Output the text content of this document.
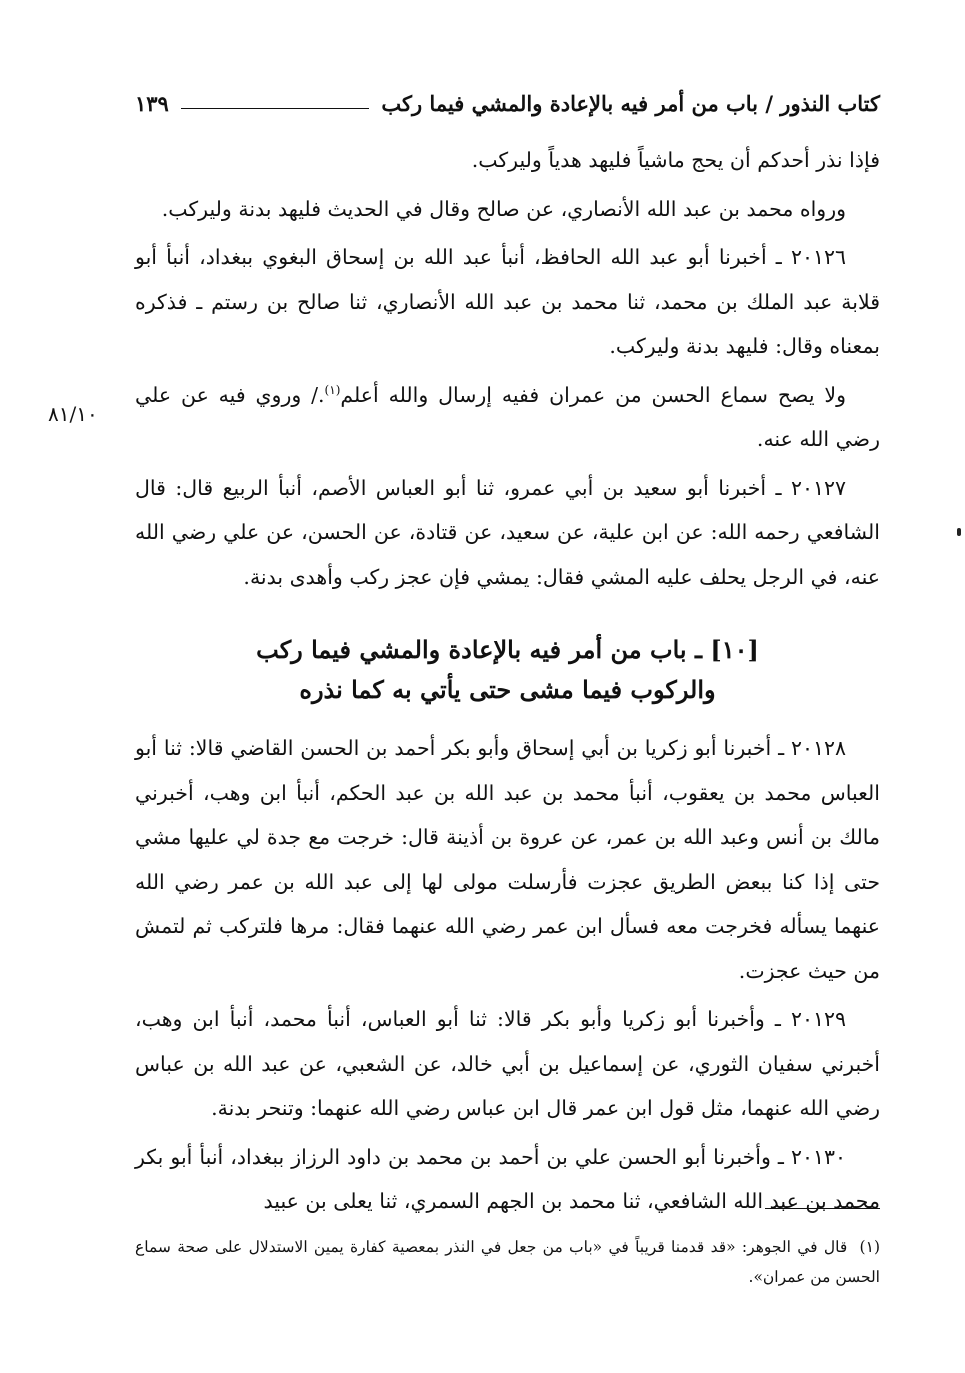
كتاب النذور / باب من أمر فيه بالإعادة والمشي فيما ركب
١٣٩

فإذا نذر أحدكم أن يحج ماشياً فليهد هدياً وليركب.

ورواه محمد بن عبد الله الأنصاري، عن صالح وقال في الحديث فليهد بدنة وليركب.

٢٠١٢٦ ـ أخبرنا أبو عبد الله الحافظ، أنبأ عبد الله بن إسحاق البغوي ببغداد، أنبأ أبو قلابة عبد الملك بن محمد، ثنا محمد بن عبد الله الأنصاري، ثنا صالح بن رستم ـ فذكره بمعناه وقال: فليهد بدنة وليركب.

ولا يصح سماع الحسن من عمران ففيه إرسال والله أعلم$^{(١)}$./ وروي فيه عن علي رضي الله عنه.

٢٠١٢٧ ـ أخبرنا أبو سعيد بن أبي عمرو، ثنا أبو العباس الأصم، أنبأ الربيع قال: قال الشافعي رحمه الله: عن ابن علية، عن سعيد، عن قتادة، عن الحسن، عن علي رضي الله عنه، في الرجل يحلف عليه المشي فقال: يمشي فإن عجز ركب وأهدى بدنة.

٨١/١٠
[١٠] ـ باب من أمر فيه بالإعادة والمشي فيما ركب
والركوب فيما مشى حتى يأتي به كما نذره

٢٠١٢٨ ـ أخبرنا أبو زكريا بن أبي إسحاق وأبو بكر أحمد بن الحسن القاضي قالا: ثنا أبو العباس محمد بن يعقوب، أنبأ محمد بن عبد الله بن عبد الحكم، أنبأ ابن وهب، أخبرني مالك بن أنس وعبد الله بن عمر، عن عروة بن أذينة قال: خرجت مع جدة لي عليها مشي حتى إذا كنا ببعض الطريق عجزت فأرسلت مولى لها إلى عبد الله بن عمر رضي الله عنهما يسأله فخرجت معه فسأل ابن عمر رضي الله عنهما فقال: مرها فلتركب ثم لتمش من حيث عجزت.

٢٠١٢٩ ـ وأخبرنا أبو زكريا وأبو بكر قالا: ثنا أبو العباس، أنبأ محمد، أنبأ ابن وهب، أخبرني سفيان الثوري، عن إسماعيل بن أبي خالد، عن الشعبي، عن عبد الله بن عباس رضي الله عنهما، مثل قول ابن عمر قال ابن عباس رضي الله عنهما: وتنحر بدنة.

٢٠١٣٠ ـ وأخبرنا أبو الحسن علي بن أحمد بن محمد بن داود الرزاز ببغداد، أنبأ أبو بكر محمد بن عبد الله الشافعي، ثنا محمد بن الجهم السمري، ثنا يعلى بن عبيد

(١) قال في الجوهر: «قد قدمنا قريباً في «باب من جعل في النذر بمعصية كفارة يمين الاستدلال على صحة سماع الحسن من عمران».
